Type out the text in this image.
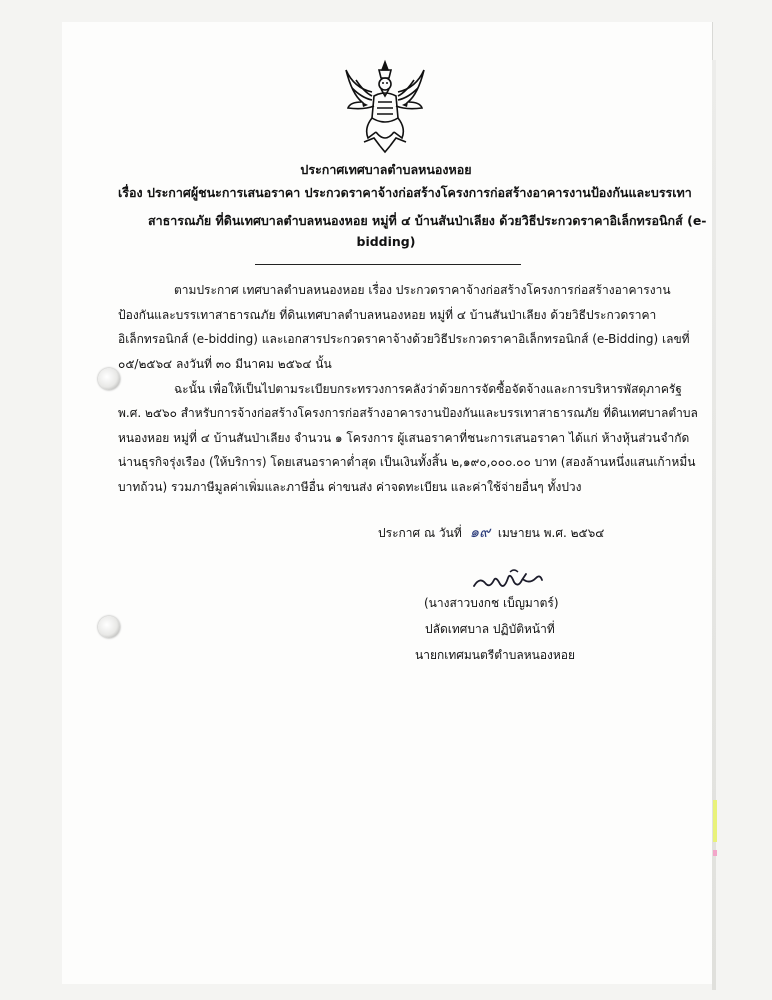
ประกาศเทศบาลตำบลหนองหอย
เรื่อง ประกาศผู้ชนะการเสนอราคา ประกวดราคาจ้างก่อสร้างโครงการก่อสร้างอาคารงานป้องกันและบรรเทา
สาธารณภัย ที่ดินเทศบาลตำบลหนองหอย หมู่ที่ ๔ บ้านสันป่าเลียง ด้วยวิธีประกวดราคาอิเล็กทรอนิกส์ (e-
bidding)
ตามประกาศ เทศบาลตำบลหนองหอย เรื่อง ประกวดราคาจ้างก่อสร้างโครงการก่อสร้างอาคารงาน
ป้องกันและบรรเทาสาธารณภัย ที่ดินเทศบาลตำบลหนองหอย หมู่ที่ ๔ บ้านสันป่าเลียง ด้วยวิธีประกวดราคา
อิเล็กทรอนิกส์ (e-bidding) และเอกสารประกวดราคาจ้างด้วยวิธีประกวดราคาอิเล็กทรอนิกส์ (e-Bidding) เลขที่
๐๕/๒๕๖๔ ลงวันที่ ๓๐ มีนาคม ๒๕๖๔ นั้น
ฉะนั้น เพื่อให้เป็นไปตามระเบียบกระทรวงการคลังว่าด้วยการจัดซื้อจัดจ้างและการบริหารพัสดุภาครัฐ
พ.ศ. ๒๕๖๐ สำหรับการจ้างก่อสร้างโครงการก่อสร้างอาคารงานป้องกันและบรรเทาสาธารณภัย ที่ดินเทศบาลตำบล
หนองหอย หมู่ที่ ๔ บ้านสันป่าเลียง จำนวน ๑ โครงการ ผู้เสนอราคาที่ชนะการเสนอราคา ได้แก่ ห้างหุ้นส่วนจำกัด
น่านธุรกิจรุ่งเรือง (ให้บริการ) โดยเสนอราคาต่ำสุด เป็นเงินทั้งสิ้น ๒,๑๙๐,๐๐๐.๐๐ บาท (สองล้านหนึ่งแสนเก้าหมื่น
บาทถ้วน) รวมภาษีมูลค่าเพิ่มและภาษีอื่น ค่าขนส่ง ค่าจดทะเบียน และค่าใช้จ่ายอื่นๆ ทั้งปวง
ประกาศ ณ วันที่ ๑๙ เมษายน พ.ศ. ๒๕๖๔
(นางสาวบงกช เบ็ญมาตร์)
ปลัดเทศบาล ปฏิบัติหน้าที่
นายกเทศมนตรีตำบลหนองหอย
